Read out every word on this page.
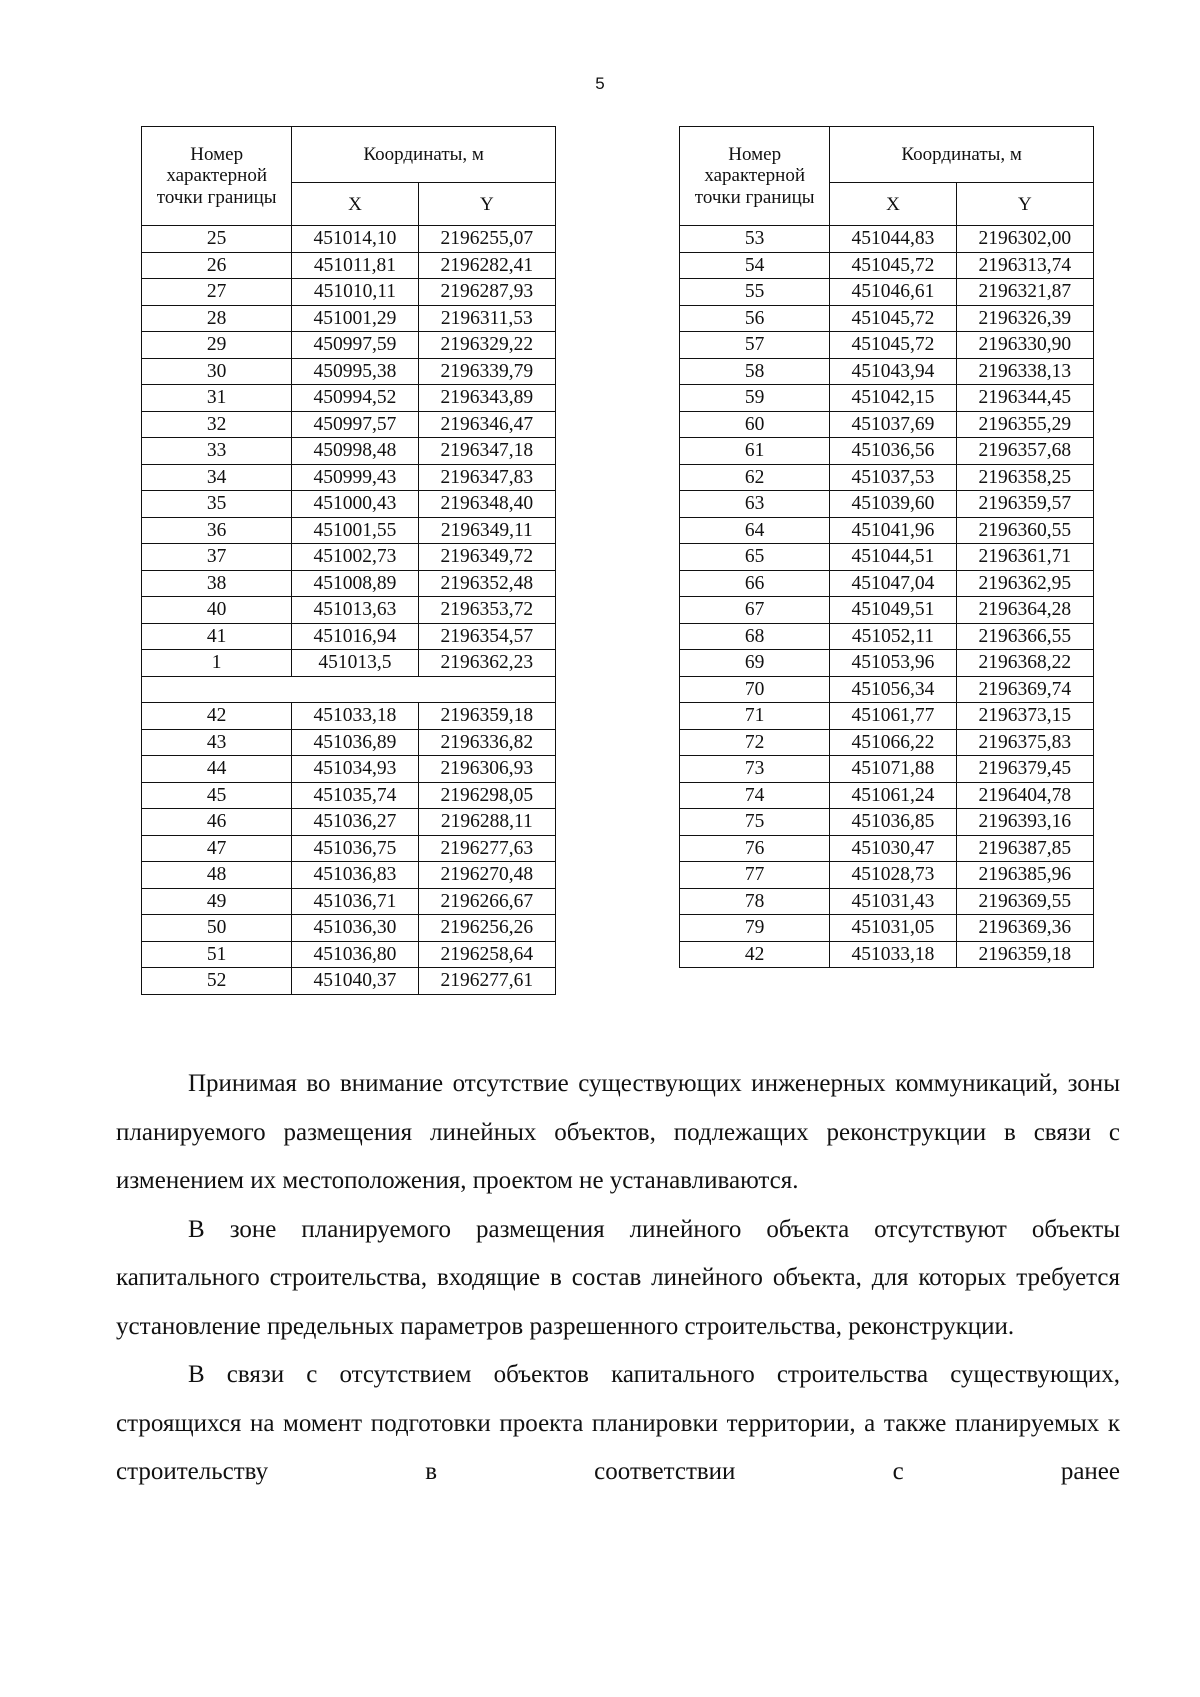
5
Номер характерной точки границы	Координаты, м	
	X	Y
25	451014,10	2196255,07
26	451011,81	2196282,41
27	451010,11	2196287,93
28	451001,29	2196311,53
29	450997,59	2196329,22
30	450995,38	2196339,79
31	450994,52	2196343,89
32	450997,57	2196346,47
33	450998,48	2196347,18
34	450999,43	2196347,83
35	451000,43	2196348,40
36	451001,55	2196349,11
37	451002,73	2196349,72
38	451008,89	2196352,48
40	451013,63	2196353,72
41	451016,94	2196354,57
1	451013,5	2196362,23

42	451033,18	2196359,18
43	451036,89	2196336,82
44	451034,93	2196306,93
45	451035,74	2196298,05
46	451036,27	2196288,11
47	451036,75	2196277,63
48	451036,83	2196270,48
49	451036,71	2196266,67
50	451036,30	2196256,26
51	451036,80	2196258,64
52	451040,37	2196277,61
Номер характерной точки границы	Координаты, м	
	X	Y
53	451044,83	2196302,00
54	451045,72	2196313,74
55	451046,61	2196321,87
56	451045,72	2196326,39
57	451045,72	2196330,90
58	451043,94	2196338,13
59	451042,15	2196344,45
60	451037,69	2196355,29
61	451036,56	2196357,68
62	451037,53	2196358,25
63	451039,60	2196359,57
64	451041,96	2196360,55
65	451044,51	2196361,71
66	451047,04	2196362,95
67	451049,51	2196364,28
68	451052,11	2196366,55
69	451053,96	2196368,22
70	451056,34	2196369,74
71	451061,77	2196373,15
72	451066,22	2196375,83
73	451071,88	2196379,45
74	451061,24	2196404,78
75	451036,85	2196393,16
76	451030,47	2196387,85
77	451028,73	2196385,96
78	451031,43	2196369,55
79	451031,05	2196369,36
42	451033,18	2196359,18

Принимая во внимание отсутствие существующих инженерных коммуникаций, зоны планируемого размещения линейных объектов, подлежащих реконструкции в связи с изменением их местоположения, проектом не устанавливаются.

В зоне планируемого размещения линейного объекта отсутствуют объекты капитального строительства, входящие в состав линейного объекта, для которых требуется установление предельных параметров разрешенного строительства, реконструкции.

В связи с отсутствием объектов капитального строительства существующих, строящихся на момент подготовки проекта планировки территории, а также планируемых к строительству в соответствии с ранее
